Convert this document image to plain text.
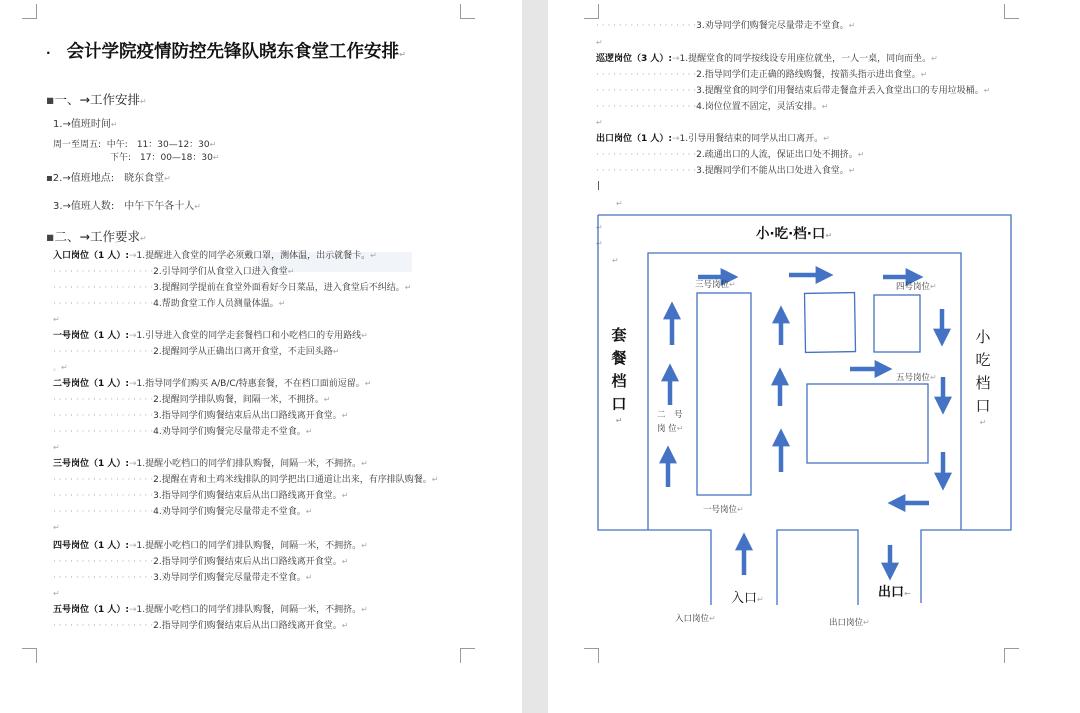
· 会计学院疫情防控先锋队晓东食堂工作安排↵
▪一、→工作安排↵
1.→值班时间↵
周一至周五: 中午:　11：30—12：30↵
下午:　17：00—18：30↵
▪2.→值班地点:　晓东食堂↵
3.→值班人数:　中午下午各十人↵
▪二、→工作要求↵
入口岗位（1 人）:→1.提醒进入食堂的同学必须戴口罩，测体温，出示就餐卡。↵
· · · · · · · · · · · · · · · · · ·2.引导同学们从食堂入口进入食堂↵
· · · · · · · · · · · · · · · · · ·3.提醒同学提前在食堂外面看好今日菜品，进入食堂后不纠结。↵
· · · · · · · · · · · · · · · · · ·4.帮助食堂工作人员测量体温。↵
↵
一号岗位（1 人）:→1.引导进入食堂的同学走套餐档口和小吃档口的专用路线↵
· · · · · · · · · · · · · · · · · ·2.提醒同学从正确出口离开食堂，不走回头路↵
。↵
二号岗位（1 人）:→1.指导同学们购买 A/B/C/特惠套餐，不在档口面前逗留。↵
· · · · · · · · · · · · · · · · · ·2.提醒同学排队购餐，间隔一米，不拥挤。↵
· · · · · · · · · · · · · · · · · ·3.指导同学们购餐结束后从出口路线离开食堂。↵
· · · · · · · · · · · · · · · · · ·4.劝导同学们购餐完尽量带走不堂食。↵
↵
三号岗位（1 人）:→1.提醒小吃档口的同学们排队购餐，间隔一米，不拥挤。↵
· · · · · · · · · · · · · · · · · ·2.提醒在青和土鸡米线排队的同学把出口通道让出来，有序排队购餐。↵
· · · · · · · · · · · · · · · · · ·3.指导同学们购餐结束后从出口路线离开食堂。↵
· · · · · · · · · · · · · · · · · ·4.劝导同学们购餐完尽量带走不堂食。↵
↵
四号岗位（1 人）:→1.提醒小吃档口的同学们排队购餐，间隔一米，不拥挤。↵
· · · · · · · · · · · · · · · · · ·2.指导同学们购餐结束后从出口路线离开食堂。↵
· · · · · · · · · · · · · · · · · ·3.劝导同学们购餐完尽量带走不堂食。↵
↵
五号岗位（1 人）:→1.提醒小吃档口的同学们排队购餐，间隔一米，不拥挤。↵
· · · · · · · · · · · · · · · · · ·2.指导同学们购餐结束后从出口路线离开食堂。↵
· · · · · · · · · · · · · · · · · ·3.劝导同学们购餐完尽量带走不堂食。↵
↵
巡逻岗位（3 人）:→1.提醒堂食的同学按线设专用座位就坐，一人一桌，同向而坐。↵
· · · · · · · · · · · · · · · · · ·2.指导同学们走正确的路线购餐，按箭头指示进出食堂。↵
· · · · · · · · · · · · · · · · · ·3.提醒堂食的同学们用餐结束后带走餐盒并丢入食堂出口的专用垃圾桶。↵
· · · · · · · · · · · · · · · · · ·4.岗位位置不固定，灵活安排。↵
↵
出口岗位（1 人）:→1.引导用餐结束的同学从出口离开。↵
· · · · · · · · · · · · · · · · · ·2.疏通出口的人流，保证出口处不拥挤。↵
· · · · · · · · · · · · · · · · · ·3.提醒同学们不能从出口处进入食堂。↵
|
↵
↵
↵
↵
小·吃·档·口↵
套
餐
档
口
↵
小
吃
档
口
↵
三号岗位↵	四号岗位↵
五号岗位↵
二　号
岗 位↵
一号岗位↵
入口↵	出口←
入口岗位↵	出口岗位↵
